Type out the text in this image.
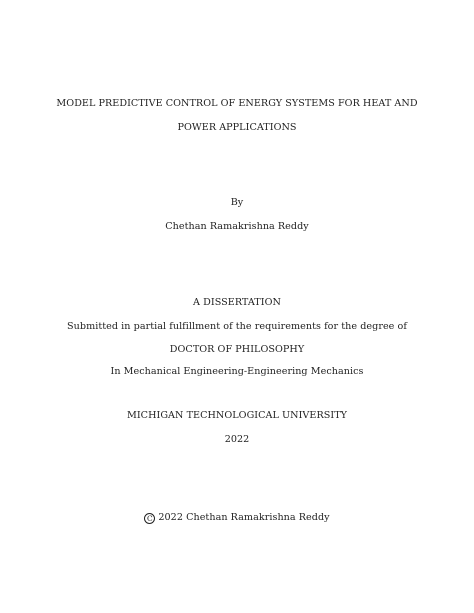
MODEL PREDICTIVE CONTROL OF ENERGY SYSTEMS FOR HEAT AND
POWER APPLICATIONS
By
Chethan Ramakrishna Reddy
A DISSERTATION
Submitted in partial fulfillment of the requirements for the degree of
DOCTOR OF PHILOSOPHY
In Mechanical Engineering-Engineering Mechanics
MICHIGAN TECHNOLOGICAL UNIVERSITY
2022
C 2022 Chethan Ramakrishna Reddy
